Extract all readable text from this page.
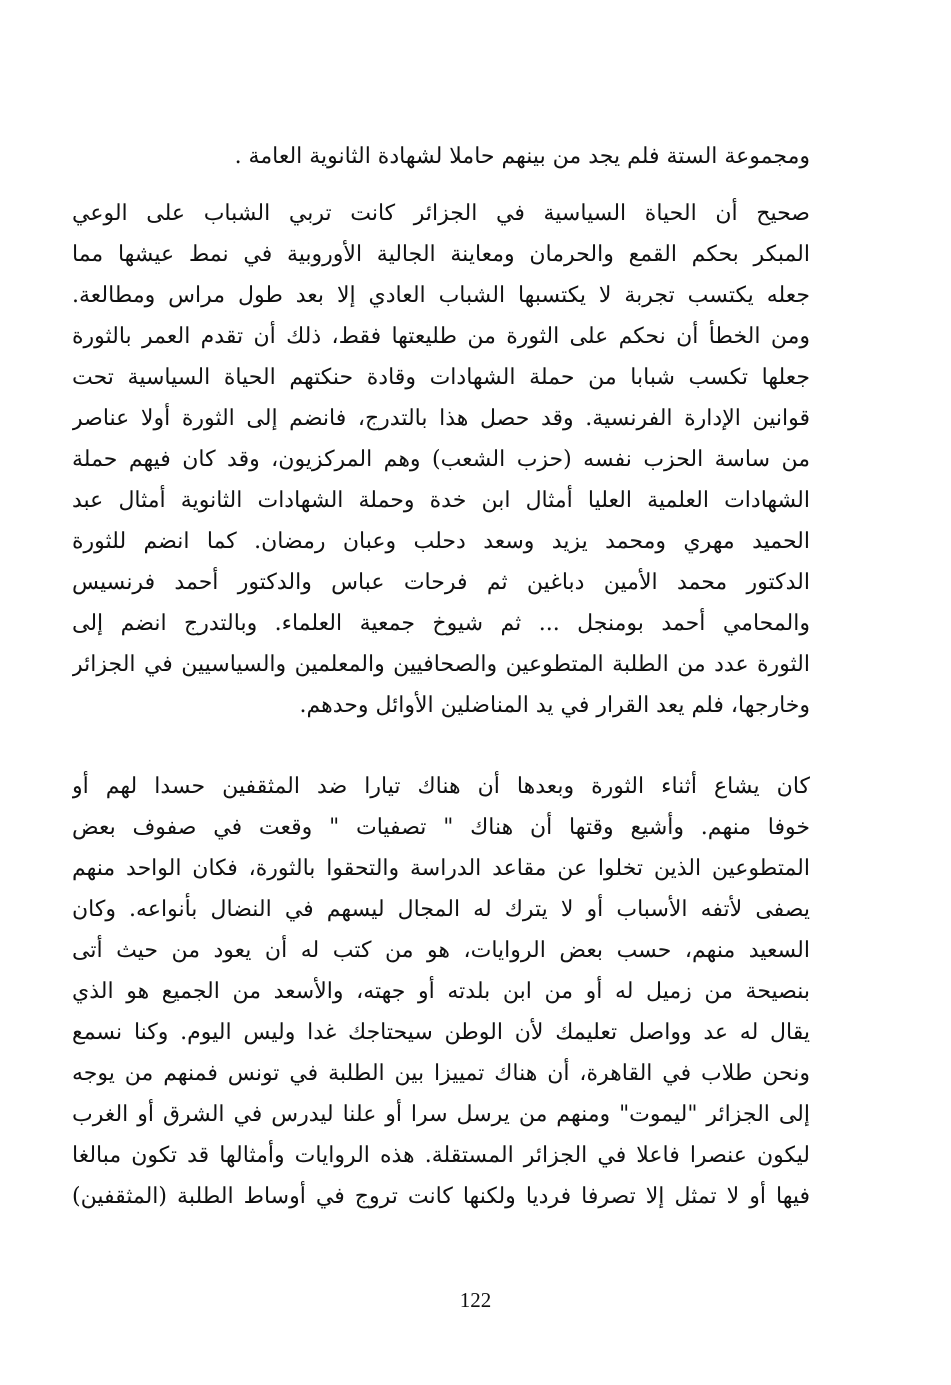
ومجموعة الستة فلم يجد من بينهم حاملا لشهادة الثانوية العامة .
صحيح أن الحياة السياسية في الجزائر كانت تربي الشباب على الوعي
المبكر بحكم القمع والحرمان ومعاينة الجالية الأوروبية في نمط عيشها مما
جعله يكتسب تجربة لا يكتسبها الشباب العادي إلا بعد طول مراس ومطالعة.
ومن الخطأ أن نحكم على الثورة من طليعتها فقط، ذلك أن تقدم العمر بالثورة
جعلها تكسب شبابا من حملة الشهادات وقادة حنكتهم الحياة السياسية تحت
قوانين الإدارة الفرنسية. وقد حصل هذا بالتدرج، فانضم إلى الثورة أولا عناصر
من ساسة الحزب نفسه (حزب الشعب) وهم المركزيون، وقد كان فيهم حملة
الشهادات العلمية العليا أمثال ابن خدة وحملة الشهادات الثانوية أمثال عبد
الحميد مهري ومحمد يزيد وسعد دحلب وعبان رمضان. كما انضم للثورة
الدكتور محمد الأمين دباغين ثم فرحات عباس والدكتور أحمد فرنسيس
والمحامي أحمد بومنجل ... ثم شيوخ جمعية العلماء. وبالتدرج انضم إلى
الثورة عدد من الطلبة المتطوعين والصحافيين والمعلمين والسياسيين في الجزائر
وخارجها، فلم يعد القرار في يد المناضلين الأوائل وحدهم.
كان يشاع أثناء الثورة وبعدها أن هناك تيارا ضد المثقفين حسدا لهم أو
خوفا منهم. وأشيع وقتها أن هناك " تصفيات " وقعت في صفوف بعض
المتطوعين الذين تخلوا عن مقاعد الدراسة والتحقوا بالثورة، فكان الواحد منهم
يصفى لأتفه الأسباب أو لا يترك له المجال ليسهم في النضال بأنواعه. وكان
السعيد منهم، حسب بعض الروايات، هو من كتب له أن يعود من حيث أتى
بنصيحة من زميل له أو من ابن بلدته أو جهته، والأسعد من الجميع هو الذي
يقال له عد وواصل تعليمك لأن الوطن سيحتاجك غدا وليس اليوم. وكنا نسمع
ونحن طلاب في القاهرة، أن هناك تمييزا بين الطلبة في تونس فمنهم من يوجه
إلى الجزائر "ليموت" ومنهم من يرسل سرا أو علنا ليدرس في الشرق أو الغرب
ليكون عنصرا فاعلا في الجزائر المستقلة. هذه الروايات وأمثالها قد تكون مبالغا
فيها أو لا تمثل إلا تصرفا فرديا ولكنها كانت تروج في أوساط الطلبة (المثقفين)
122
